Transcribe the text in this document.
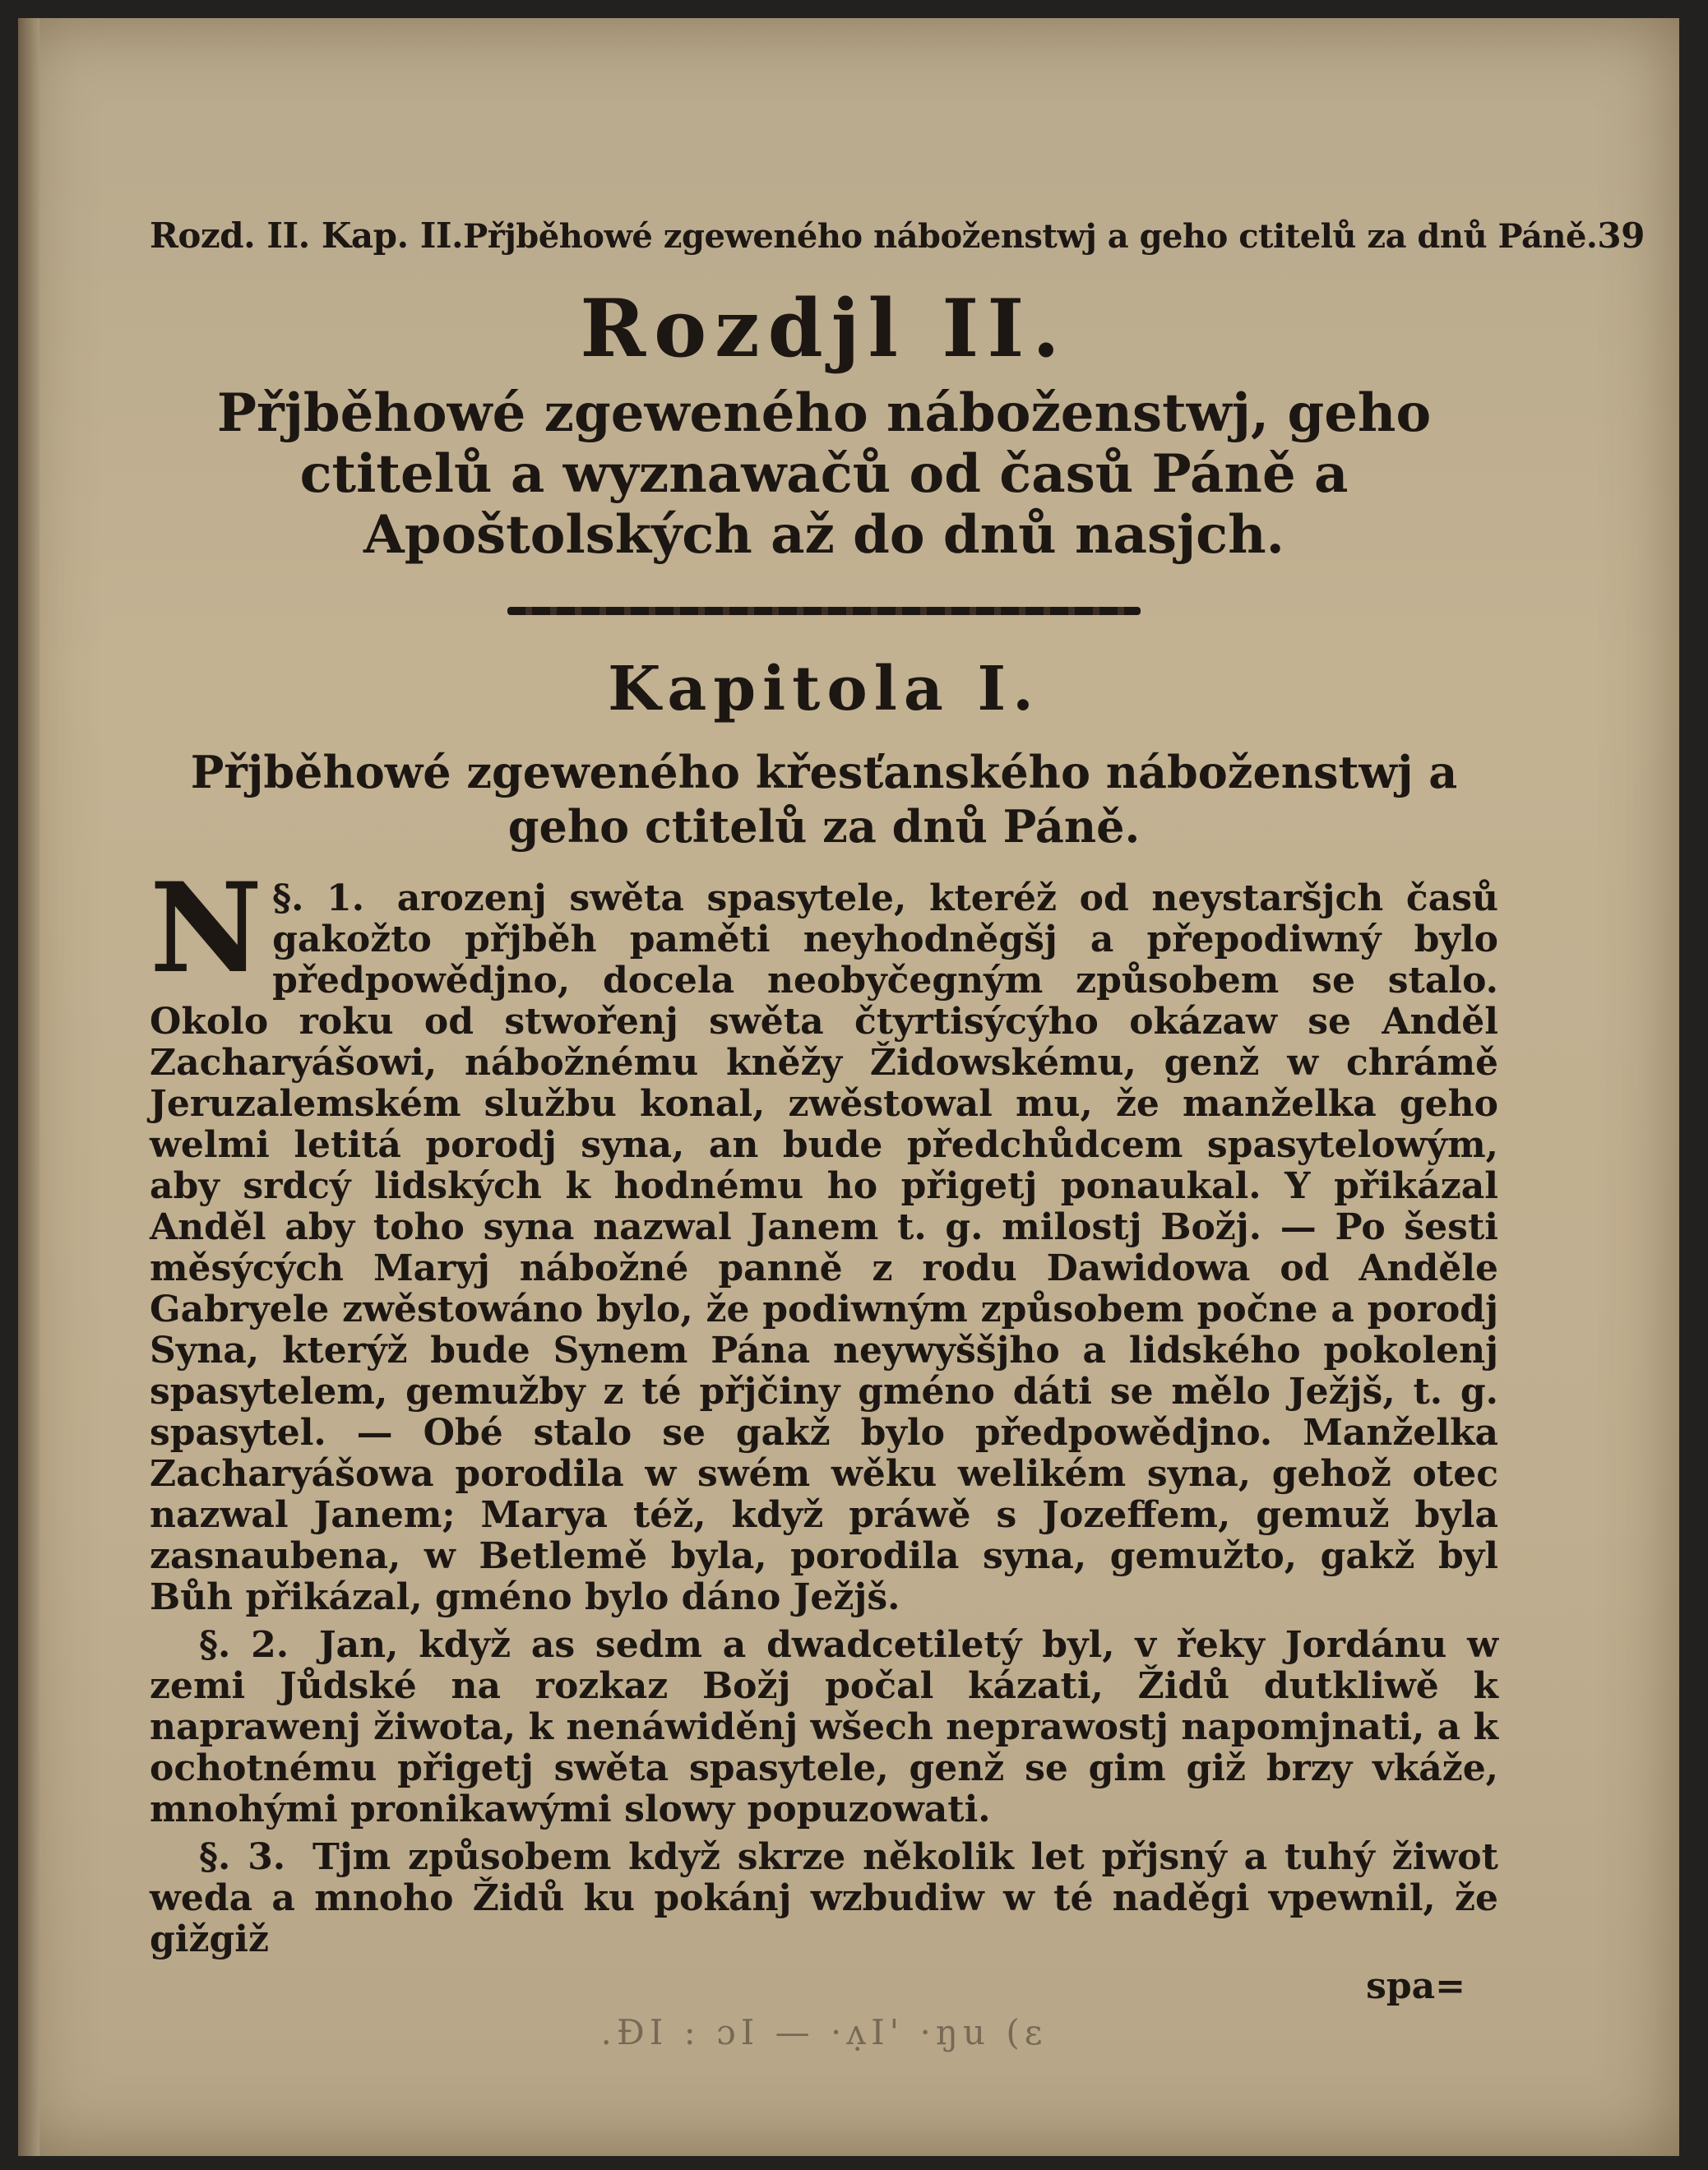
Rozd. II. Kap. II. Přjběhowé zgeweného náboženstwj a geho ctitelů za dnů Páně. 39
Rozdjl II.
Přjběhowé zgeweného náboženstwj, geho ctitelů a wyznawačů od časů Páně a Apoštolských až do dnů nasjch.
Kapitola I.
Přjběhowé zgeweného křesťanského náboženstwj a geho ctitelů za dnů Páně.
§. 1.
N	arozenj swěta spasytele, kteréž od neystaršjch časů gakožto přjběh paměti neyhodněgšj a přepodiwný bylo předpowědjno, docela neobyčegným způsobem se stalo. Okolo roku od stwořenj swěta čtyrtisýcýho okázaw se Anděl Zacharyášowi, nábožnému kněžy Židowskému, genž w chrámě Jeruzalemském službu konal, zwěstowal mu, že manželka geho welmi letitá porodj syna, an bude předchůdcem spasytelowým, aby srdcý lidských k hodnému ho přigetj ponaukal. Y přikázal Anděl aby toho syna nazwal Janem t. g. milostj Božj. — Po šesti měsýcých Maryj nábožné panně z rodu Dawidowa od Anděle Gabryele zwěstowáno bylo, že podiwným způsobem počne a porodj Syna, kterýž bude Synem Pána neywyššjho a lidského pokolenj spasytelem, gemužby z té přjčiny gméno dáti se mělo Ježjš, t. g. spasytel. — Obé stalo se gakž bylo předpowědjno. Manželka Zacharyášowa porodila w swém wěku welikém syna, gehož otec nazwal Janem; Marya též, když práwě s Jozeffem, gemuž byla zasnaubena, w Betlemě byla, porodila syna, gemužto, gakž byl Bůh přikázal, gméno bylo dáno Ježjš.
§. 2. Jan, když as sedm a dwadcetiletý byl, v řeky Jordánu w zemi Jůdské na rozkaz Božj počal kázati, Židů dutkliwě k naprawenj žiwota, k nenáwiděnj wšech neprawostj napomjnati, a k ochotnému přigetj swěta spasytele, genž se gim giž brzy vkáže, mnohými pronikawými slowy popuzowati.
§. 3. Tjm způsobem když skrze několik let přjsný a tuhý žiwot weda a mnoho Židů ku pokánj wzbudiw w té naděgi vpewnil, že gižgiž
spa=
.ĐI : ɔI — ·ʌ̣I' ·ŋu (ɛ
